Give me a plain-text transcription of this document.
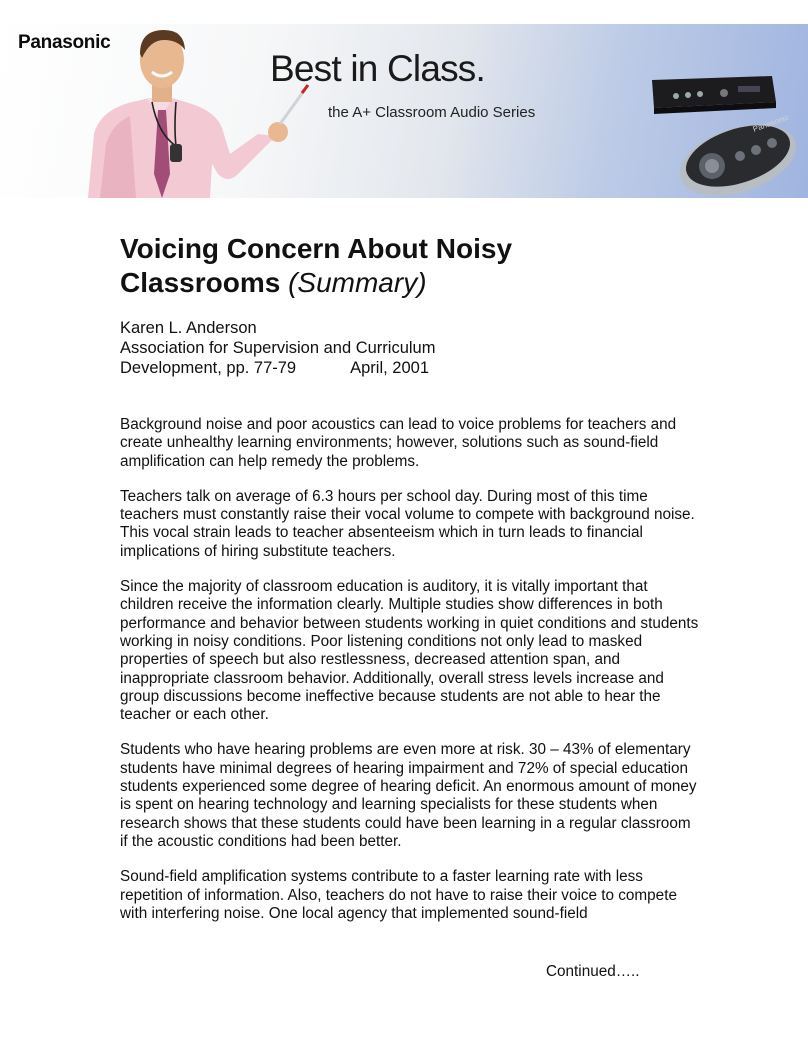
Panasonic
Best in Class.
the A+ Classroom Audio Series
Panasonic
Voicing Concern About Noisy Classrooms (Summary)
Karen L. Anderson
Association for Supervision and Curriculum
Development, pp. 77-79	April, 2001

Background noise and poor acoustics can lead to voice problems for teachers and create unhealthy learning environments; however, solutions such as sound-field amplification can help remedy the problems.

Teachers talk on average of 6.3 hours per school day. During most of this time teachers must constantly raise their vocal volume to compete with background noise. This vocal strain leads to teacher absenteeism which in turn leads to financial implications of hiring substitute teachers.

Since the majority of classroom education is auditory, it is vitally important that children receive the information clearly. Multiple studies show differences in both performance and behavior between students working in quiet conditions and students working in noisy conditions. Poor listening conditions not only lead to masked properties of speech but also restlessness, decreased attention span, and inappropriate classroom behavior. Additionally, overall stress levels increase and group discussions become ineffective because students are not able to hear the teacher or each other.

Students who have hearing problems are even more at risk. 30 – 43% of elementary students have minimal degrees of hearing impairment and 72% of special education students experienced some degree of hearing deficit. An enormous amount of money is spent on hearing technology and learning specialists for these students when research shows that these students could have been learning in a regular classroom if the acoustic conditions had been better.

Sound-field amplification systems contribute to a faster learning rate with less repetition of information. Also, teachers do not have to raise their voice to compete with interfering noise. One local agency that implemented sound-field

Continued…..
